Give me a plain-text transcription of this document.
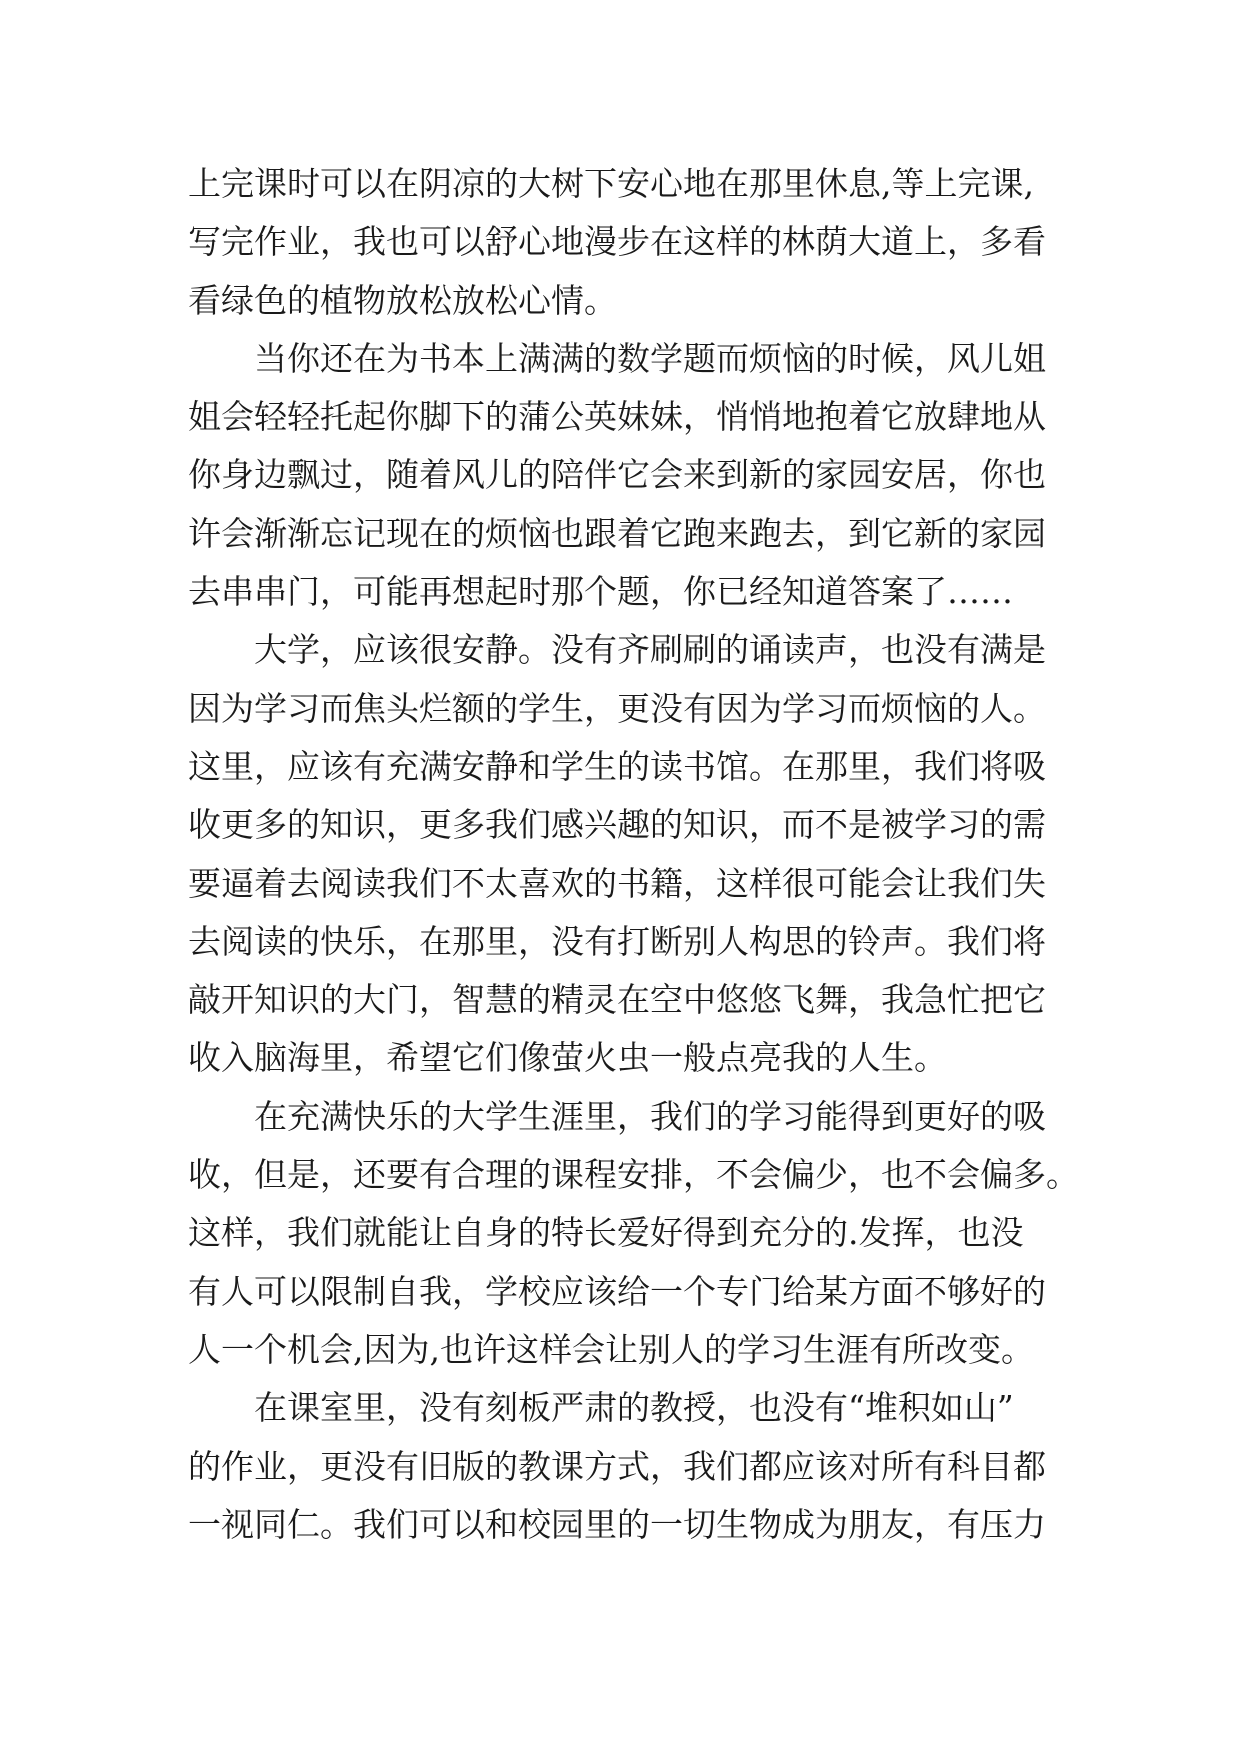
上完课时可以在阴凉的大树下安心地在那里休息,等上完课,
写完作业，我也可以舒心地漫步在这样的林荫大道上，多看
看绿色的植物放松放松心情。
当你还在为书本上满满的数学题而烦恼的时候，风儿姐
姐会轻轻托起你脚下的蒲公英妹妹，悄悄地抱着它放肆地从
你身边飘过，随着风儿的陪伴它会来到新的家园安居，你也
许会渐渐忘记现在的烦恼也跟着它跑来跑去，到它新的家园
去串串门，可能再想起时那个题，你已经知道答案了……
大学，应该很安静。没有齐刷刷的诵读声，也没有满是
因为学习而焦头烂额的学生，更没有因为学习而烦恼的人。
这里，应该有充满安静和学生的读书馆。在那里，我们将吸
收更多的知识，更多我们感兴趣的知识，而不是被学习的需
要逼着去阅读我们不太喜欢的书籍，这样很可能会让我们失
去阅读的快乐，在那里，没有打断别人构思的铃声。我们将
敲开知识的大门，智慧的精灵在空中悠悠飞舞，我急忙把它
收入脑海里，希望它们像萤火虫一般点亮我的人生。
在充满快乐的大学生涯里，我们的学习能得到更好的吸
收，但是，还要有合理的课程安排，不会偏少，也不会偏多。
这样，我们就能让自身的特长爱好得到充分的.发挥，也没
有人可以限制自我，学校应该给一个专门给某方面不够好的
人一个机会,因为,也许这样会让别人的学习生涯有所改变。
在课室里，没有刻板严肃的教授，也没有“堆积如山”
的作业，更没有旧版的教课方式，我们都应该对所有科目都
一视同仁。我们可以和校园里的一切生物成为朋友，有压力
